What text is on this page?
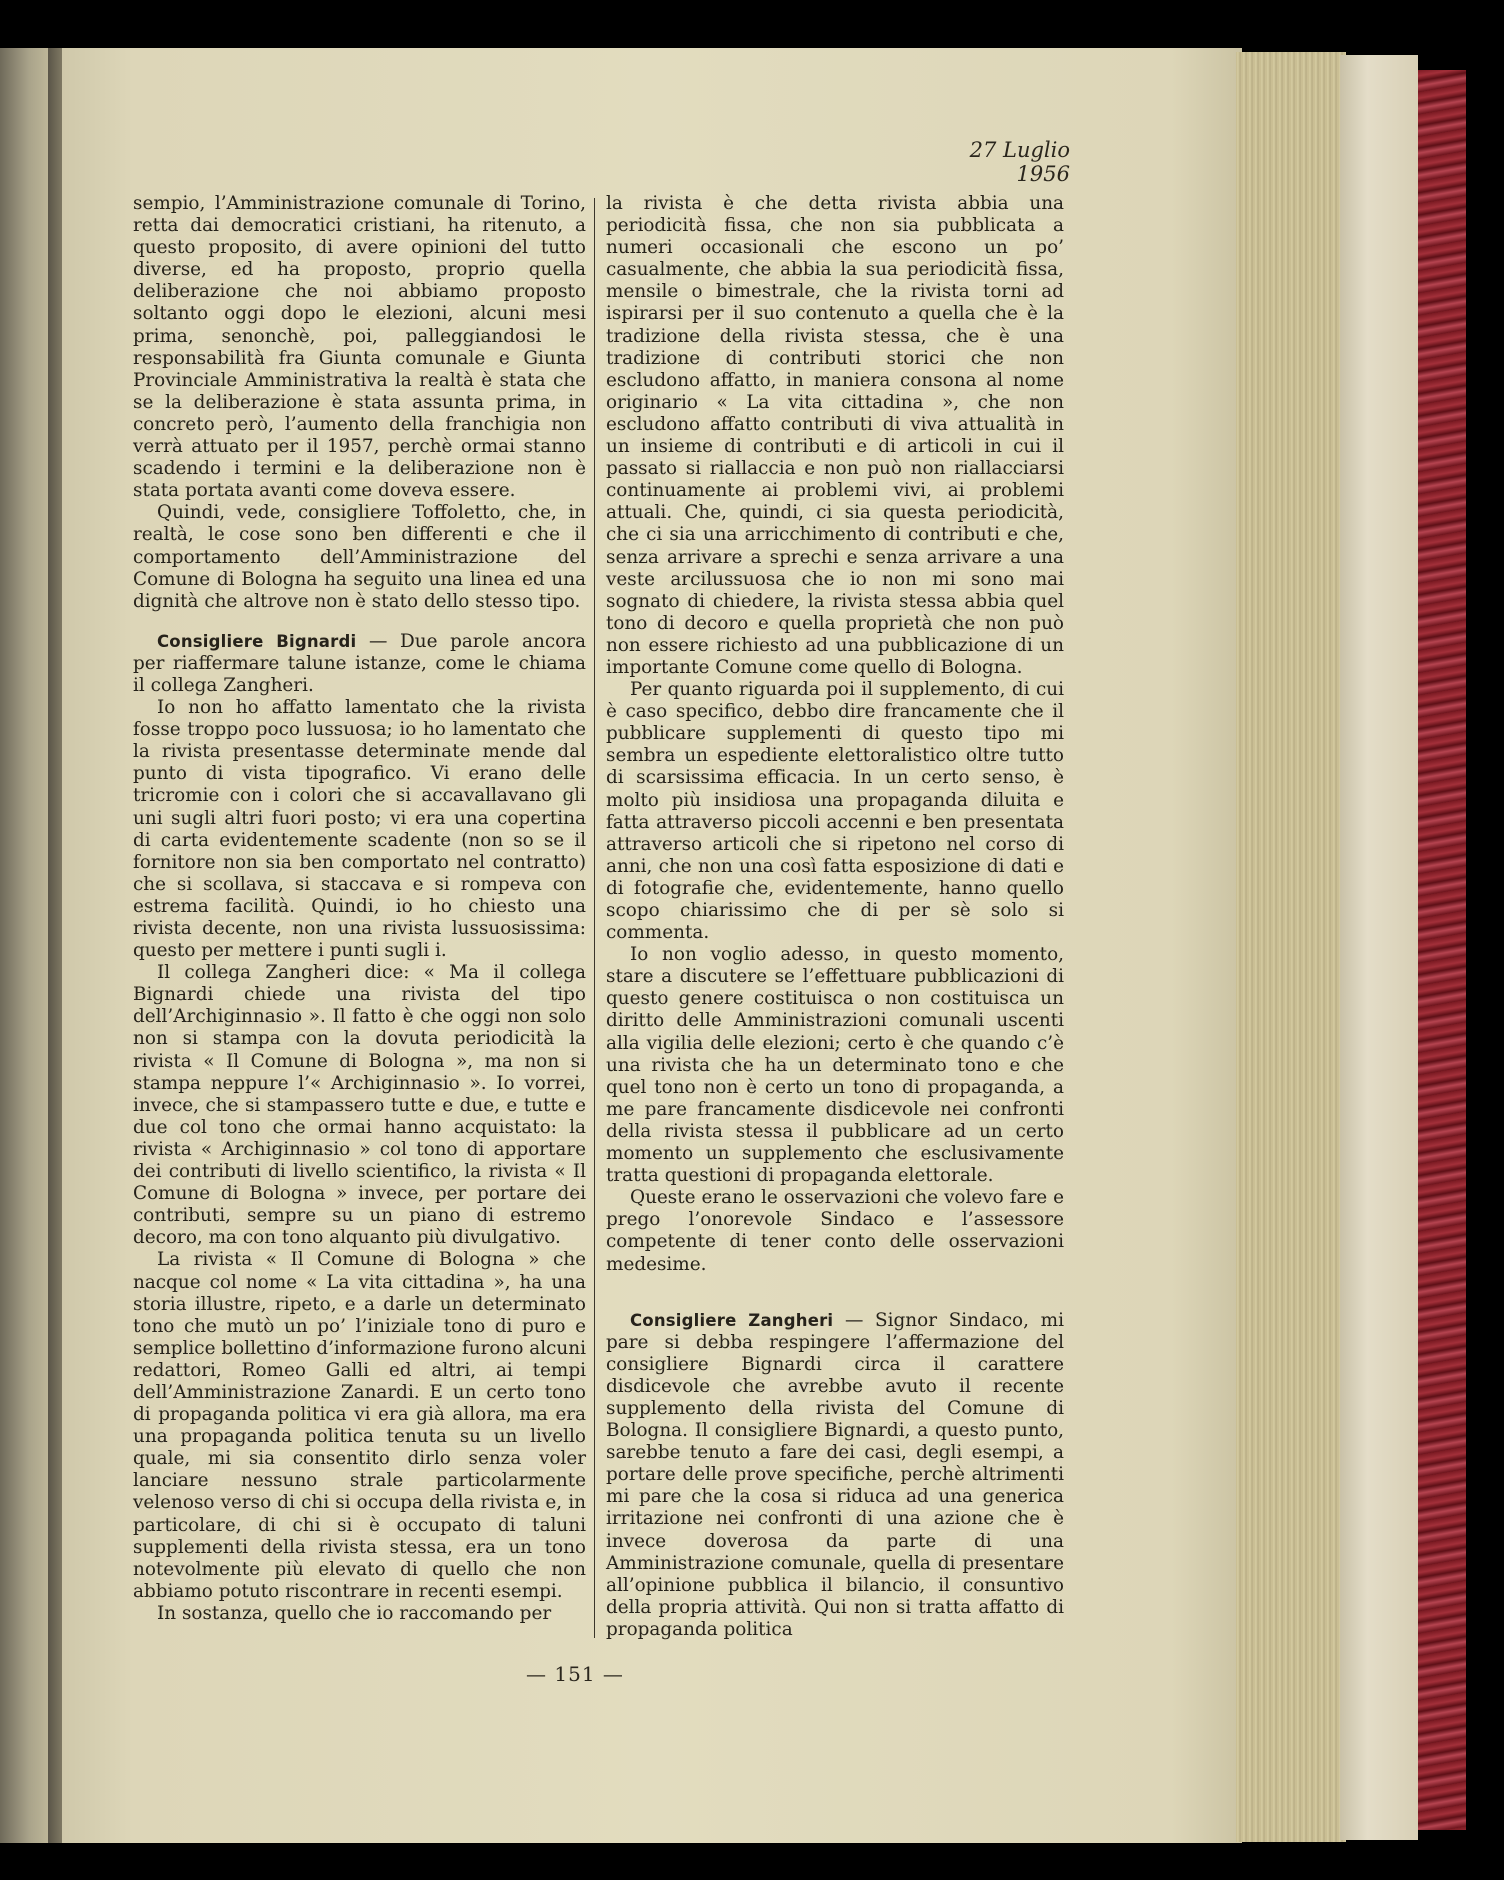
27 Luglio 1956

sempio, l’Amministrazione comunale di Torino, retta dai democratici cristiani, ha ritenuto, a questo proposito, di avere opinioni del tutto diverse, ed ha proposto, proprio quella deliberazione che noi abbiamo proposto soltanto oggi dopo le elezioni, alcuni mesi prima, senonchè, poi, palleggiandosi le responsabilità fra Giunta comunale e Giunta Provinciale Amministrativa la realtà è stata che se la deliberazione è stata assunta prima, in concreto però, l’aumento della franchigia non verrà attuato per il 1957, perchè ormai stanno scadendo i termini e la deliberazione non è stata portata avanti come doveva essere.

Quindi, vede, consigliere Toffoletto, che, in realtà, le cose sono ben differenti e che il comportamento dell’Amministrazione del Comune di Bologna ha seguito una linea ed una dignità che altrove non è stato dello stesso tipo.

Consigliere Bignardi — Due parole ancora per riaffermare talune istanze, come le chiama il collega Zangheri.

Io non ho affatto lamentato che la rivista fosse troppo poco lussuosa; io ho lamentato che la rivista presentasse determinate mende dal punto di vista tipografico. Vi erano delle tricromie con i colori che si accavallavano gli uni sugli altri fuori posto; vi era una copertina di carta evidentemente scadente (non so se il fornitore non sia ben comportato nel contratto) che si scollava, si staccava e si rompeva con estrema facilità. Quindi, io ho chiesto una rivista decente, non una rivista lussuosissima: questo per mettere i punti sugli i.

Il collega Zangheri dice: « Ma il collega Bignardi chiede una rivista del tipo dell’Archiginnasio ». Il fatto è che oggi non solo non si stampa con la dovuta periodicità la rivista « Il Comune di Bologna », ma non si stampa neppure l’« Archiginnasio ». Io vorrei, invece, che si stampassero tutte e due, e tutte e due col tono che ormai hanno acquistato: la rivista « Archiginnasio » col tono di apportare dei contributi di livello scientifico, la rivista « Il Comune di Bologna » invece, per portare dei contributi, sempre su un piano di estremo decoro, ma con tono alquanto più divulgativo.

La rivista « Il Comune di Bologna » che nacque col nome « La vita cittadina », ha una storia illustre, ripeto, e a darle un determinato tono che mutò un po’ l’iniziale tono di puro e semplice bollettino d’informazione furono alcuni redattori, Romeo Galli ed altri, ai tempi dell’Amministrazione Zanardi. E un certo tono di propaganda politica vi era già allora, ma era una propaganda politica tenuta su un livello quale, mi sia consentito dirlo senza voler lanciare nessuno strale particolarmente velenoso verso di chi si occupa della rivista e, in particolare, di chi si è occupato di taluni supplementi della rivista stessa, era un tono notevolmente più elevato di quello che non abbiamo potuto riscontrare in recenti esempi.

In sostanza, quello che io raccomando per

la rivista è che detta rivista abbia una periodicità fissa, che non sia pubblicata a numeri occasionali che escono un po’ casualmente, che abbia la sua periodicità fissa, mensile o bimestrale, che la rivista torni ad ispirarsi per il suo contenuto a quella che è la tradizione della rivista stessa, che è una tradizione di contributi storici che non escludono affatto, in maniera consona al nome originario « La vita cittadina », che non escludono affatto contributi di viva attualità in un insieme di contributi e di articoli in cui il passato si riallaccia e non può non riallacciarsi continuamente ai problemi vivi, ai problemi attuali. Che, quindi, ci sia questa periodicità, che ci sia una arricchimento di contributi e che, senza arrivare a sprechi e senza arrivare a una veste arcilussuosa che io non mi sono mai sognato di chiedere, la rivista stessa abbia quel tono di decoro e quella proprietà che non può non essere richiesto ad una pubblicazione di un importante Comune come quello di Bologna.

Per quanto riguarda poi il supplemento, di cui è caso specifico, debbo dire francamente che il pubblicare supplementi di questo tipo mi sembra un espediente elettoralistico oltre tutto di scarsissima efficacia. In un certo senso, è molto più insidiosa una propaganda diluita e fatta attraverso piccoli accenni e ben presentata attraverso articoli che si ripetono nel corso di anni, che non una così fatta esposizione di dati e di fotografie che, evidentemente, hanno quello scopo chiarissimo che di per sè solo si commenta.

Io non voglio adesso, in questo momento, stare a discutere se l’effettuare pubblicazioni di questo genere costituisca o non costituisca un diritto delle Amministrazioni comunali uscenti alla vigilia delle elezioni; certo è che quando c’è una rivista che ha un determinato tono e che quel tono non è certo un tono di propaganda, a me pare francamente disdicevole nei confronti della rivista stessa il pubblicare ad un certo momento un supplemento che esclusivamente tratta questioni di propaganda elettorale.

Queste erano le osservazioni che volevo fare e prego l’onorevole Sindaco e l’assessore competente di tener conto delle osservazioni medesime.

Consigliere Zangheri — Signor Sindaco, mi pare si debba respingere l’affermazione del consigliere Bignardi circa il carattere disdicevole che avrebbe avuto il recente supplemento della rivista del Comune di Bologna. Il consigliere Bignardi, a questo punto, sarebbe tenuto a fare dei casi, degli esempi, a portare delle prove specifiche, perchè altrimenti mi pare che la cosa si riduca ad una generica irritazione nei confronti di una azione che è invece doverosa da parte di una Amministrazione comunale, quella di presentare all’opinione pubblica il bilancio, il consuntivo della propria attività. Qui non si tratta affatto di propaganda politica

— 151 —
